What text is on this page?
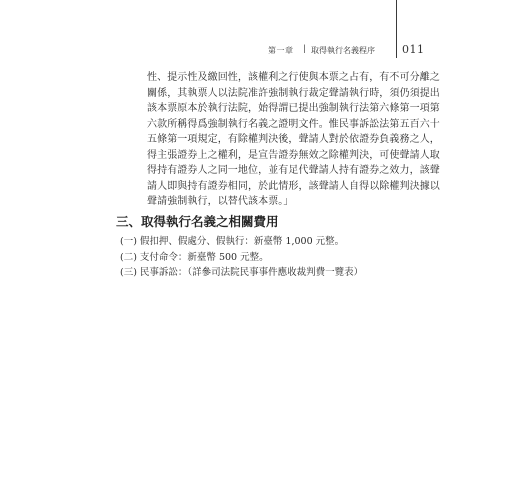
第一章 | 取得執行名義程序 011
性、提示性及繳回性，該權利之行使與本票之占有，有不可分離之
關係，其執票人以法院准許強制執行裁定聲請執行時，須仍須提出
該本票原本於執行法院，始得謂已提出強制執行法第六條第一項第
六款所稱得爲強制執行名義之證明文件。惟民事訴訟法第五百六十
五條第一項規定，有除權判決後，聲請人對於依證券負義務之人，
得主張證券上之權利，是宣告證券無效之除權判決，可使聲請人取
得持有證券人之同一地位，並有足代聲請人持有證券之效力，該聲
請人即與持有證券相同，於此情形，該聲請人自得以除權判決據以
聲請強制執行，以替代該本票。」
三、取得執行名義之相關費用
(一) 假扣押、假處分、假執行：新臺幣 1,000 元整。
(二) 支付命令：新臺幣 500 元整。
(三) 民事訴訟：（詳參司法院民事事件應收裁判費一覽表）
